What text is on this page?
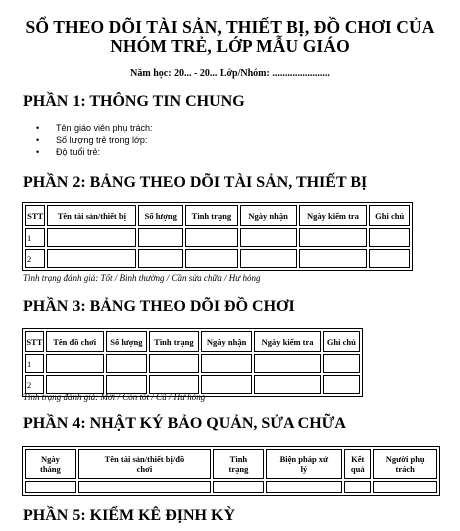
SỔ THEO DÕI TÀI SẢN, THIẾT BỊ, ĐỒ CHƠI CỦA
NHÓM TRẺ, LỚP MẪU GIÁO
Năm học: 20... - 20... Lớp/Nhóm: .......................
PHẦN 1: THÔNG TIN CHUNG
• Tên giáo viên phụ trách:
• Số lượng trẻ trong lớp:
• Độ tuổi trẻ:
PHẦN 2: BẢNG THEO DÕI TÀI SẢN, THIẾT BỊ
STT	Tên tài sản/thiết bị	Số lượng	Tình trạng	Ngày nhận	Ngày kiểm tra	Ghi chú
1						
2						
Tình trạng đánh giá: Tốt / Bình thường / Cần sửa chữa / Hư hỏng
PHẦN 3: BẢNG THEO DÕI ĐỒ CHƠI
STT	Tên đồ chơi	Số lượng	Tình trạng	Ngày nhận	Ngày kiểm tra	Ghi chú
1						
2						
Tình trạng đánh giá: Mới / Còn tốt / Cũ / Hư hỏng
PHẦN 4: NHẬT KÝ BẢO QUẢN, SỬA CHỮA
Ngày
tháng	Tên tài sản/thiết bị/đồ
chơi	Tình
trạng	Biện pháp xử
lý	Kết
quả	Người phụ
trách

PHẦN 5: KIỂM KÊ ĐỊNH KỲ
